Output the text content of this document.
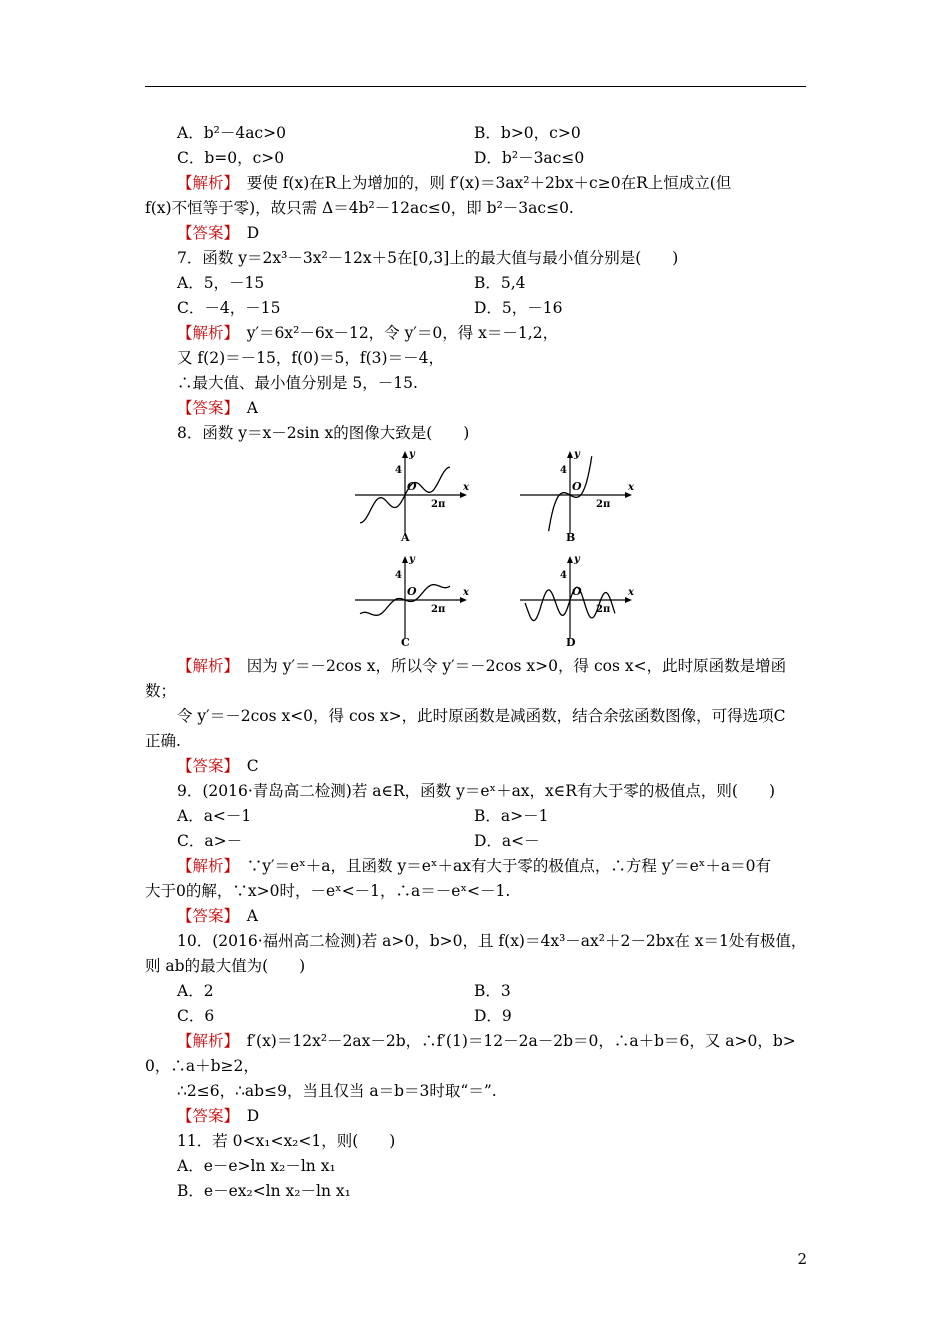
A．b²－4ac>0	B．b>0，c>0
C．b=0，c>0	D．b²－3ac≤0
【解析】　要使 f(x)在R上为增加的，则 f′(x)＝3ax²＋2bx＋c≥0在R上恒成立(但
f(x)不恒等于零)，故只需 Δ＝4b²－12ac≤0，即 b²－3ac≤0.
【答案】　D
7．函数 y＝2x³－3x²－12x＋5在[0,3]上的最大值与最小值分别是(　　)
A．5，－15	B．5,4
C．－4，－15	D．5，－16
【解析】　y′＝6x²－6x－12，令 y′＝0，得 x＝－1,2，
又 f(2)＝－15，f(0)＝5，f(3)＝－4，
∴最大值、最小值分别是 5，－15.
【答案】　A
8．函数 y＝x－2sin x的图像大致是(　　)
【解析】　因为 y′＝－2cos x，所以令 y′＝－2cos x>0，得 cos x<，此时原函数是增函
数；
令 y′＝－2cos x<0，得 cos x>，此时原函数是减函数，结合余弦函数图像，可得选项C
正确.
【答案】　C
9．(2016·青岛高二检测)若 a∈R，函数 y＝eˣ＋ax，x∈R有大于零的极值点，则(　　)
A．a<－1	B．a>－1
C．a>－	D．a<－
【解析】　∵y′＝eˣ＋a，且函数 y＝eˣ＋ax有大于零的极值点，∴方程 y′＝eˣ＋a＝0有
大于0的解，∵x>0时，－eˣ<－1，∴a＝－eˣ<－1.
【答案】　A
10．(2016·福州高二检测)若 a>0，b>0，且 f(x)＝4x³－ax²＋2－2bx在 x＝1处有极值，
则 ab的最大值为(　　)
A．2	B．3
C．6	D．9
【解析】　f′(x)＝12x²－2ax－2b，∴f′(1)＝12－2a－2b＝0，∴a＋b＝6，又 a>0，b>
0，∴a＋b≥2，
∴2≤6，∴ab≤9，当且仅当 a＝b＝3时取“＝”.
【答案】　D
11．若 0<x₁<x₂<1，则(　　)
A．e－e>ln x₂－ln x₁
B．e－ex₂<ln x₂－ln x₁
y
x
4
O
2π
A
y
x
4
O
2π
B
y
x
4
O
2π
C
y
x
4
O
2π
D
2
